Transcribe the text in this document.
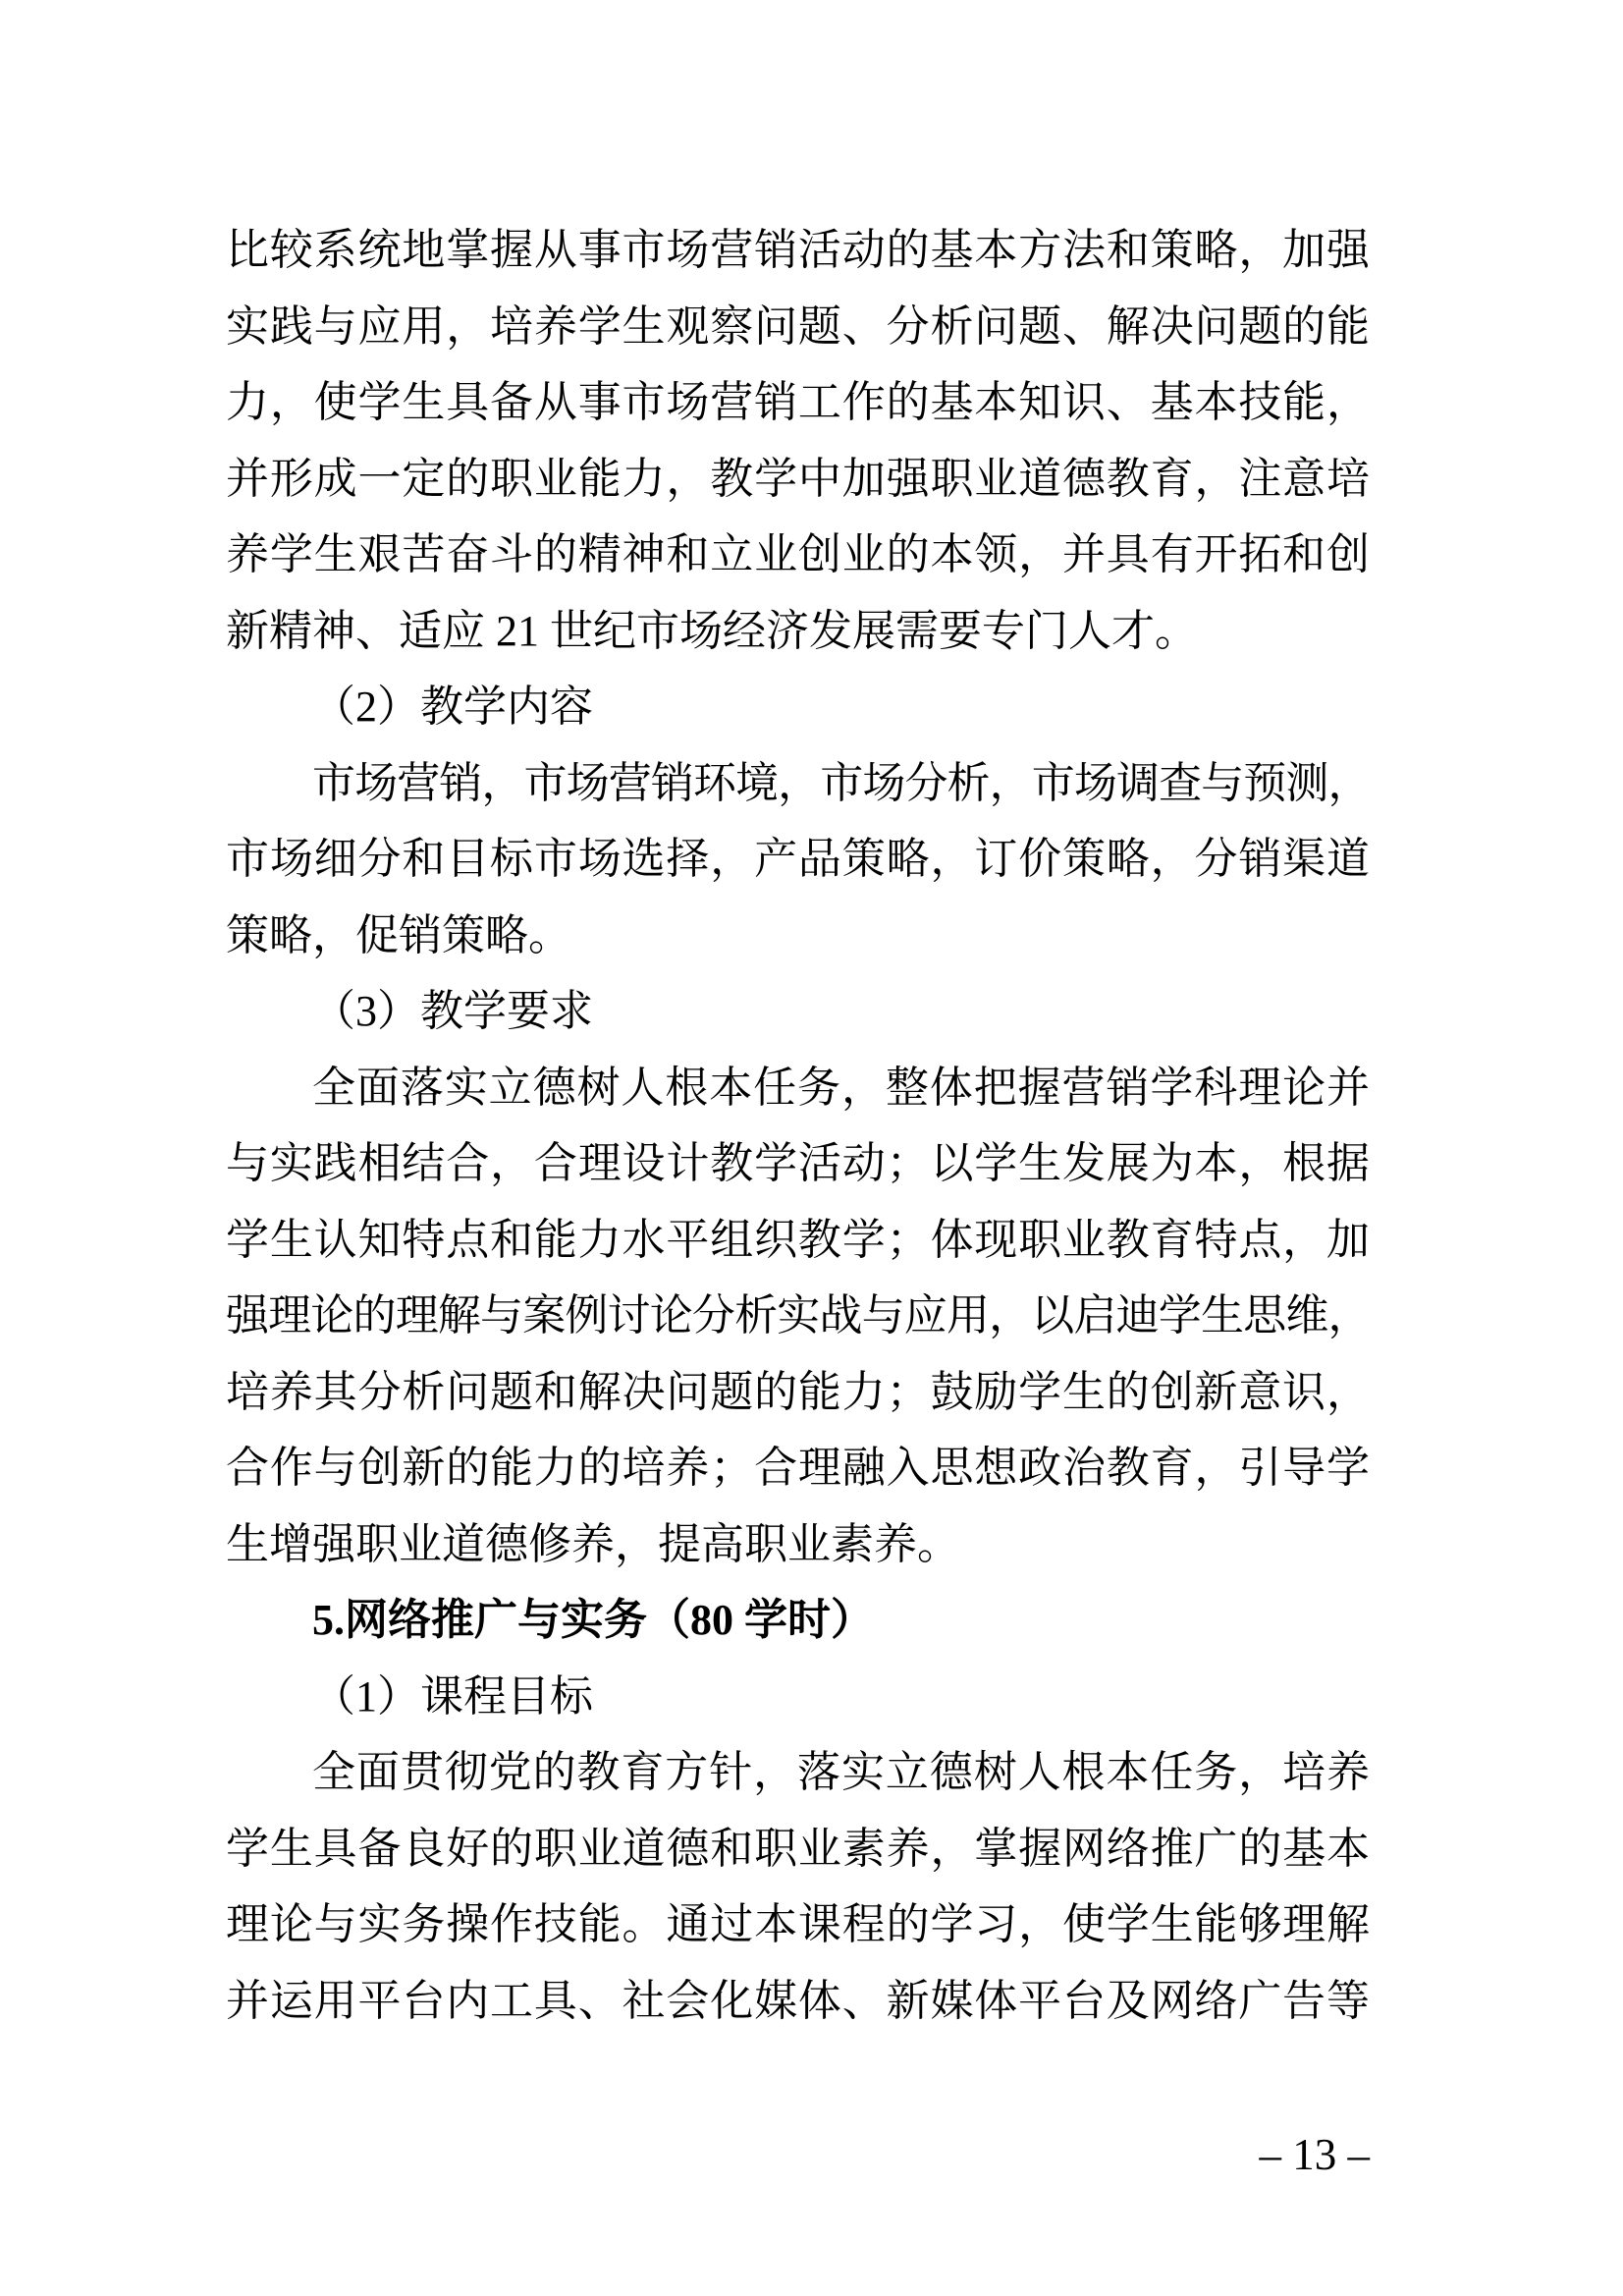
比较系统地掌握从事市场营销活动的基本方法和策略，加强
实践与应用，培养学生观察问题、分析问题、解决问题的能
力，使学生具备从事市场营销工作的基本知识、基本技能，
并形成一定的职业能力，教学中加强职业道德教育，注意培
养学生艰苦奋斗的精神和立业创业的本领，并具有开拓和创
新精神、适应 21 世纪市场经济发展需要专门人才。
（2）教学内容
市场营销，市场营销环境，市场分析，市场调查与预测，
市场细分和目标市场选择，产品策略，订价策略，分销渠道
策略，促销策略。
（3）教学要求
全面落实立德树人根本任务，整体把握营销学科理论并
与实践相结合，合理设计教学活动；以学生发展为本，根据
学生认知特点和能力水平组织教学；体现职业教育特点，加
强理论的理解与案例讨论分析实战与应用，以启迪学生思维，
培养其分析问题和解决问题的能力；鼓励学生的创新意识，
合作与创新的能力的培养；合理融入思想政治教育，引导学
生增强职业道德修养，提高职业素养。
5.网络推广与实务（80 学时）
（1）课程目标
全面贯彻党的教育方针，落实立德树人根本任务，培养
学生具备良好的职业道德和职业素养，掌握网络推广的基本
理论与实务操作技能。通过本课程的学习，使学生能够理解
并运用平台内工具、社会化媒体、新媒体平台及网络广告等
– 13 –
